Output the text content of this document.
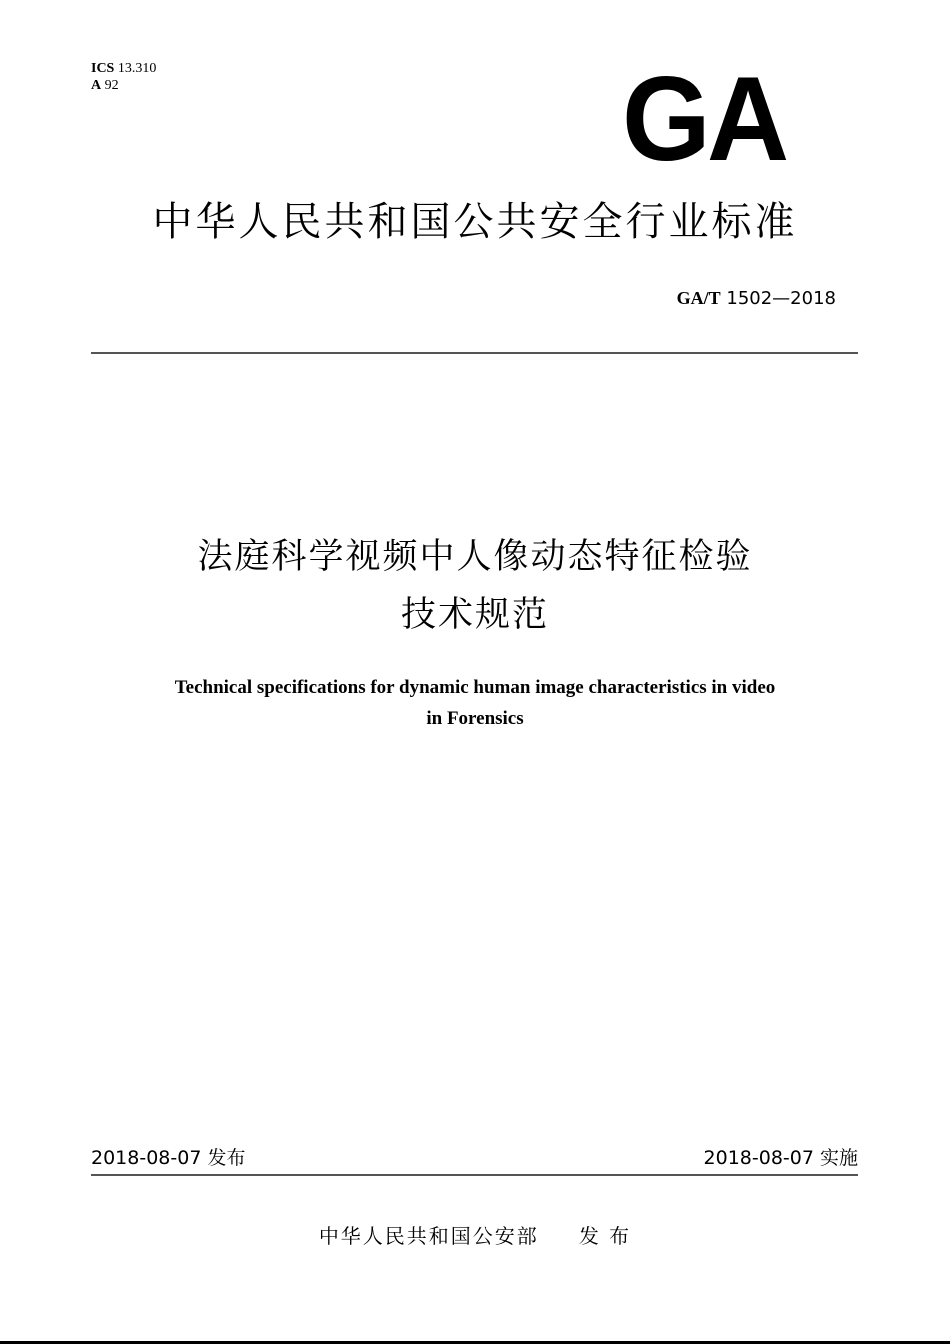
ICS 13.310
A 92	GA
中华人民共和国公共安全行业标准
GA/T 1502—2018
法庭科学视频中人像动态特征检验
技术规范
Technical specifications for dynamic human image characteristics in video
in Forensics
2018-08-07 发布	2018-08-07 实施
中华人民共和国公安部 发 布
